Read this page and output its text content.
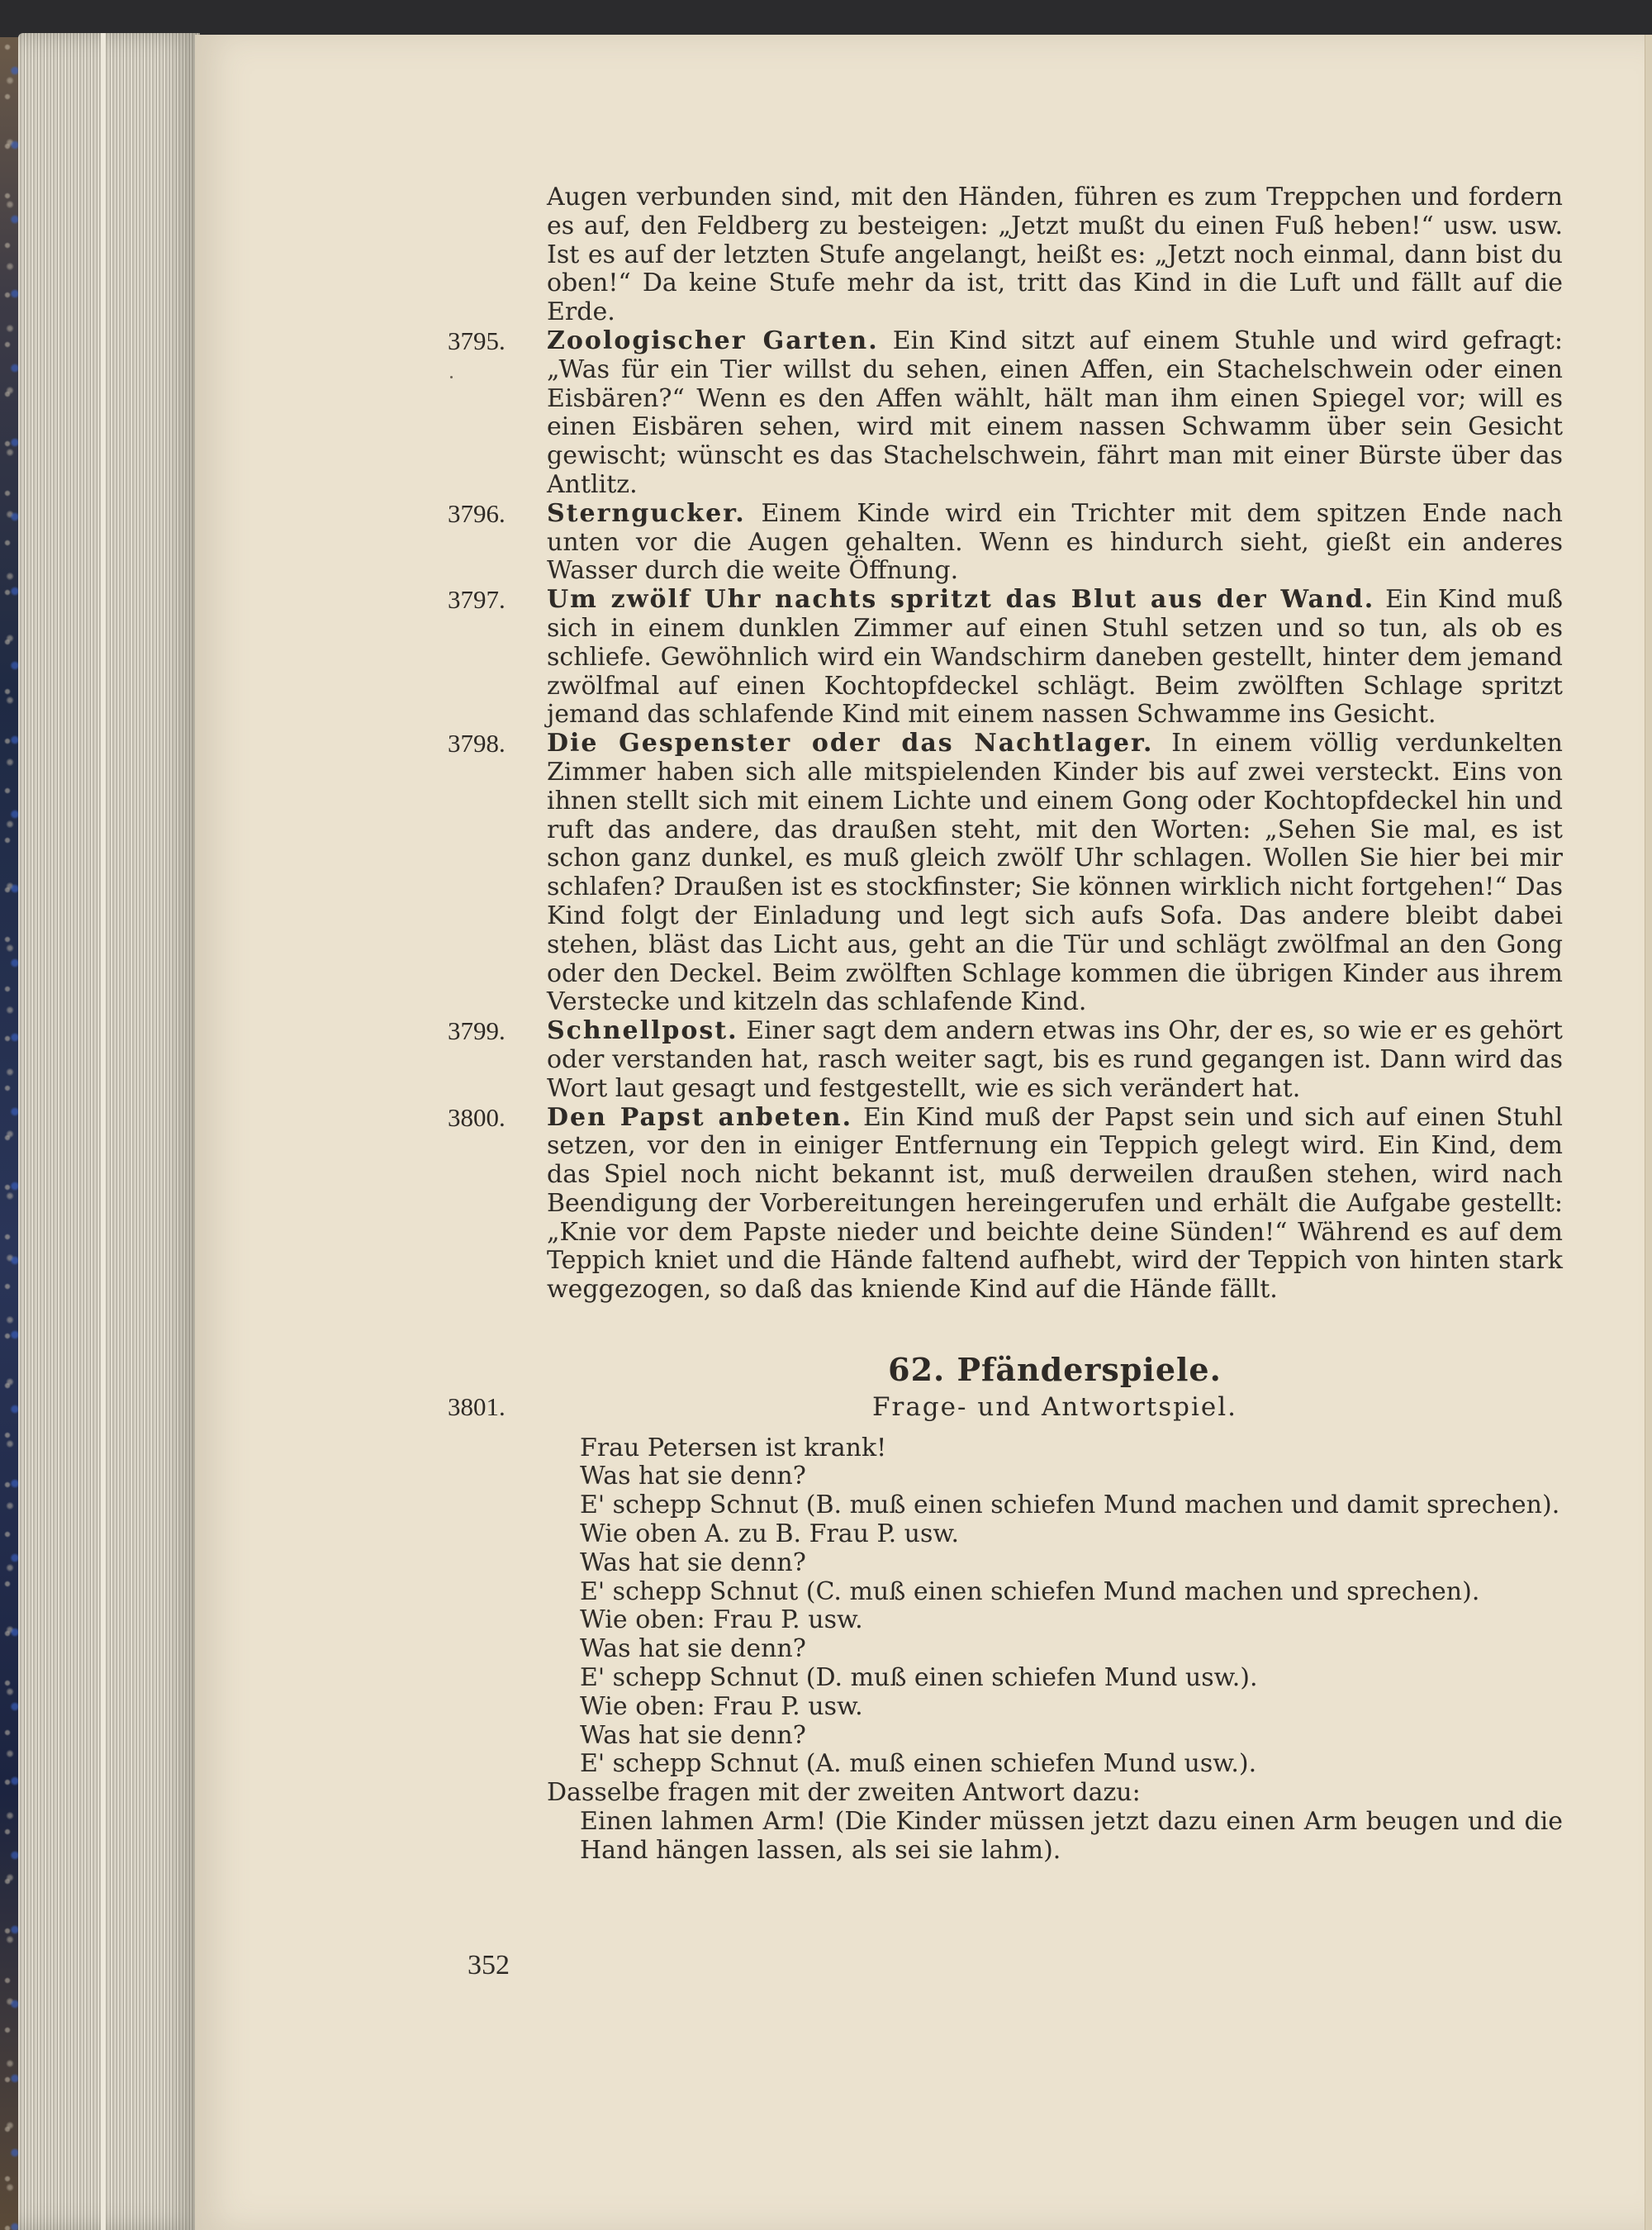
Augen verbunden sind, mit den Händen, führen es zum Treppchen und fordern es auf, den Feldberg zu besteigen: „Jetzt mußt du einen Fuß heben!“ usw. usw. Ist es auf der letzten Stufe angelangt, heißt es: „Jetzt noch einmal, dann bist du oben!“ Da keine Stufe mehr da ist, tritt das Kind in die Luft und fällt auf die Erde.

3795.	Zoologischer Garten. Ein Kind sitzt auf einem Stuhle und wird gefragt: „Was für ein Tier willst du sehen, einen Affen, ein Stachelschwein oder einen Eisbären?“ Wenn es den Affen wählt, hält man ihm einen Spiegel vor; will es einen Eisbären sehen, wird mit einem nassen Schwamm über sein Gesicht gewischt; wünscht es das Stachelschwein, fährt man mit einer Bürste über das Antlitz.
3796.	Sterngucker. Einem Kinde wird ein Trichter mit dem spitzen Ende nach unten vor die Augen gehalten. Wenn es hindurch sieht, gießt ein anderes Wasser durch die weite Öffnung.
3797.	Um zwölf Uhr nachts spritzt das Blut aus der Wand. Ein Kind muß sich in einem dunklen Zimmer auf einen Stuhl setzen und so tun, als ob es schliefe. Gewöhnlich wird ein Wandschirm daneben gestellt, hinter dem jemand zwölfmal auf einen Kochtopfdeckel schlägt. Beim zwölften Schlage spritzt jemand das schlafende Kind mit einem nassen Schwamme ins Gesicht.
3798.	Die Gespenster oder das Nachtlager. In einem völlig verdunkelten Zimmer haben sich alle mitspielenden Kinder bis auf zwei versteckt. Eins von ihnen stellt sich mit einem Lichte und einem Gong oder Kochtopfdeckel hin und ruft das andere, das draußen steht, mit den Worten: „Sehen Sie mal, es ist schon ganz dunkel, es muß gleich zwölf Uhr schlagen. Wollen Sie hier bei mir schlafen? Draußen ist es stockfinster; Sie können wirklich nicht fortgehen!“ Das Kind folgt der Einladung und legt sich aufs Sofa. Das andere bleibt dabei stehen, bläst das Licht aus, geht an die Tür und schlägt zwölfmal an den Gong oder den Deckel. Beim zwölften Schlage kommen die übrigen Kinder aus ihrem Verstecke und kitzeln das schlafende Kind.
3799.	Schnellpost. Einer sagt dem andern etwas ins Ohr, der es, so wie er es gehört oder verstanden hat, rasch weiter sagt, bis es rund gegangen ist. Dann wird das Wort laut gesagt und festgestellt, wie es sich verändert hat.
3800.	Den Papst anbeten. Ein Kind muß der Papst sein und sich auf einen Stuhl setzen, vor den in einiger Entfernung ein Teppich gelegt wird. Ein Kind, dem das Spiel noch nicht bekannt ist, muß derweilen draußen stehen, wird nach Beendigung der Vorbereitungen hereingerufen und erhält die Aufgabe gestellt: „Knie vor dem Papste nieder und beichte deine Sünden!“ Während es auf dem Teppich kniet und die Hände faltend aufhebt, wird der Teppich von hinten stark weggezogen, so daß das kniende Kind auf die Hände fällt.
62. Pfänderspiele.
3801.	Frage- und Antwortspiel.
Frau Petersen ist krank!
Was hat sie denn?
E' schepp Schnut (B. muß einen schiefen Mund machen und damit sprechen).
Wie oben A. zu B. Frau P. usw.
Was hat sie denn?
E' schepp Schnut (C. muß einen schiefen Mund machen und sprechen).
Wie oben: Frau P. usw.
Was hat sie denn?
E' schepp Schnut (D. muß einen schiefen Mund usw.).
Wie oben: Frau P. usw.
Was hat sie denn?
E' schepp Schnut (A. muß einen schiefen Mund usw.).

Dasselbe fragen mit der zweiten Antwort dazu:

Einen lahmen Arm! (Die Kinder müssen jetzt dazu einen Arm beugen und die Hand hängen lassen, als sei sie lahm).

352
